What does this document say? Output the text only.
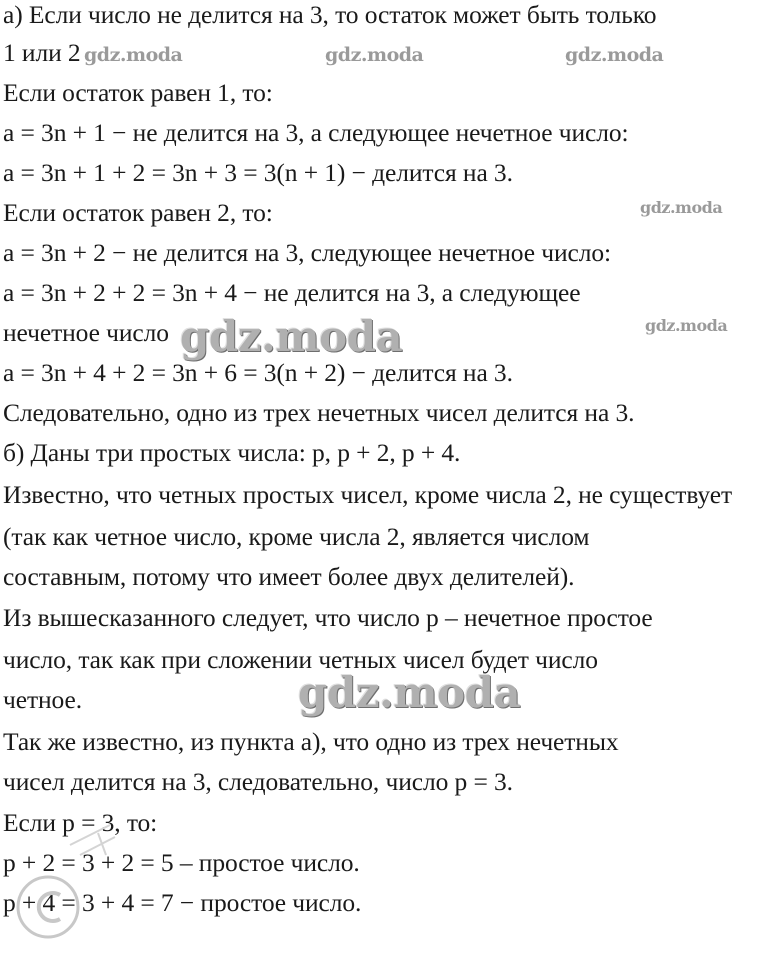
а) Если число не делится на 3, то остаток может быть только
1 или 2
Если остаток равен 1, то:
a = 3n + 1 − не делится на 3, а следующее нечетное число:
a = 3n + 1 + 2 = 3n + 3 = 3(n + 1) − делится на 3.
Если остаток равен 2, то:
a = 3n + 2 − не делится на 3, следующее нечетное число:
a = 3n + 2 + 2 = 3n + 4 − не делится на 3, а следующее
нечетное число
a = 3n + 4 + 2 = 3n + 6 = 3(n + 2) − делится на 3.
Следовательно, одно из трех нечетных чисел делится на 3.
б) Даны три простых числа: p, p + 2, p + 4.
Известно, что четных простых чисел, кроме числа 2, не существует
(так как четное число, кроме числа 2, является числом
составным, потому что имеет более двух делителей).
Из вышесказанного следует, что число p – нечетное простое
число, так как при сложении четных чисел будет число
четное.
Так же известно, из пункта а), что одно из трех нечетных
чисел делится на 3, следовательно, число p = 3.
Если p = 3, то:
p + 2 = 3 + 2 = 5 – простое число.
p + 4 = 3 + 4 = 7 − простое число.
gdz.moda	gdz.moda	gdz.moda
gdz.moda
gdz.moda
gdz.moda
gdz.moda
